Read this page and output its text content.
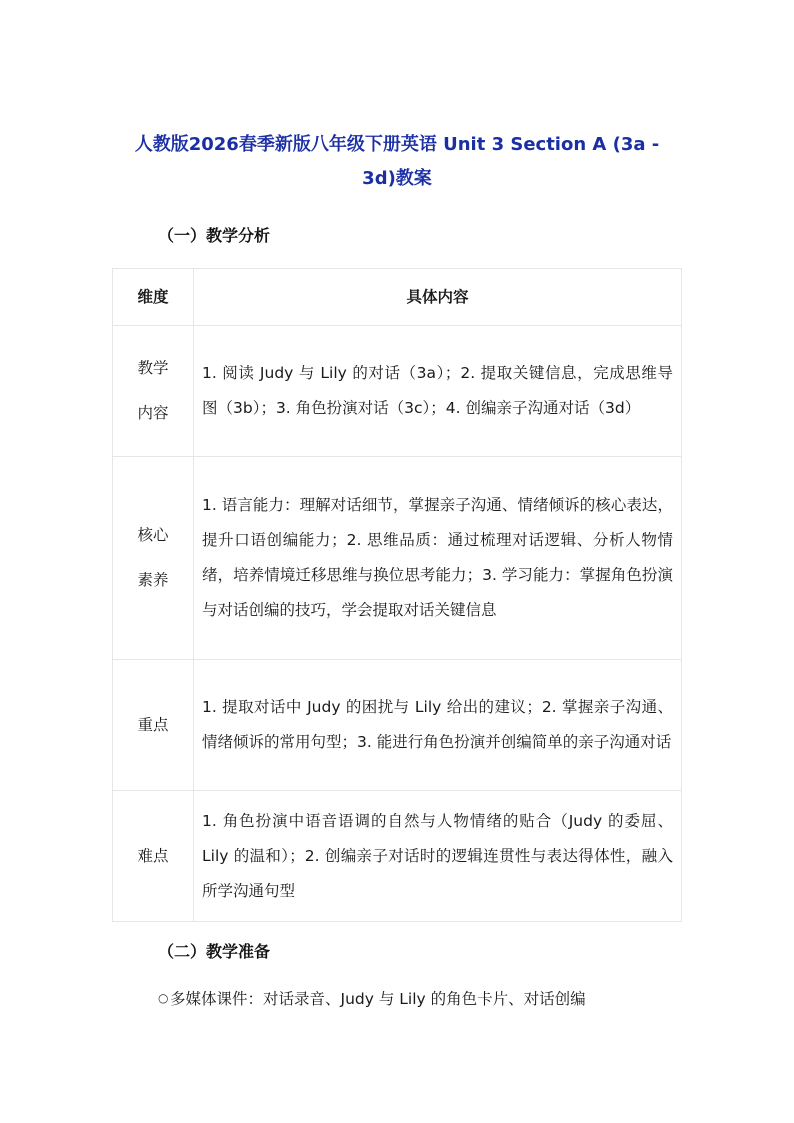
人教版2026春季新版八年级下册英语 Unit 3 Section A (3a -
3d)教案
（一）教学分析
维度	具体内容
教学内容	1. 阅读 Judy 与 Lily 的对话（3a）；2. 提取关键信息，完成思维导图（3b）；3. 角色扮演对话（3c）；4. 创编亲子沟通对话（3d）
核心素养	1. 语言能力：理解对话细节，掌握亲子沟通、情绪倾诉的核心表达，提升口语创编能力；2. 思维品质：通过梳理对话逻辑、分析人物情绪，培养情境迁移思维与换位思考能力；3. 学习能力：掌握角色扮演与对话创编的技巧，学会提取对话关键信息
重点	1. 提取对话中 Judy 的困扰与 Lily 给出的建议；2. 掌握亲子沟通、情绪倾诉的常用句型；3. 能进行角色扮演并创编简单的亲子沟通对话
难点	1. 角色扮演中语音语调的自然与人物情绪的贴合（Judy 的委屈、Lily 的温和）；2. 创编亲子对话时的逻辑连贯性与表达得体性，融入所学沟通句型
（二）教学准备
○多媒体课件：对话录音、Judy 与 Lily 的角色卡片、对话创编
